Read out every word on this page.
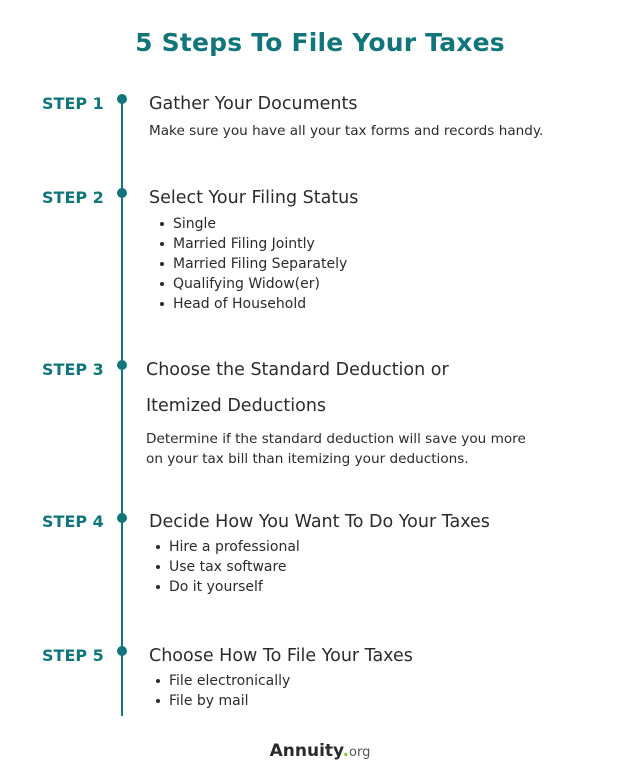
5 Steps To File Your Taxes
STEP 1	Gather Your Documents
Make sure you have all your tax forms and records handy.
STEP 2	Select Your Filing Status
Single
Married Filing Jointly
Married Filing Separately
Qualifying Widow(er)
Head of Household
STEP 3 Choose the Standard Deduction or
Itemized Deductions
Determine if the standard deduction will save you more
on your tax bill than itemizing your deductions.
STEP 4	Decide How You Want To Do Your Taxes
Hire a professional
Use tax software
Do it yourself
STEP 5	Choose How To File Your Taxes
File electronically
File by mail
Annuity.org
